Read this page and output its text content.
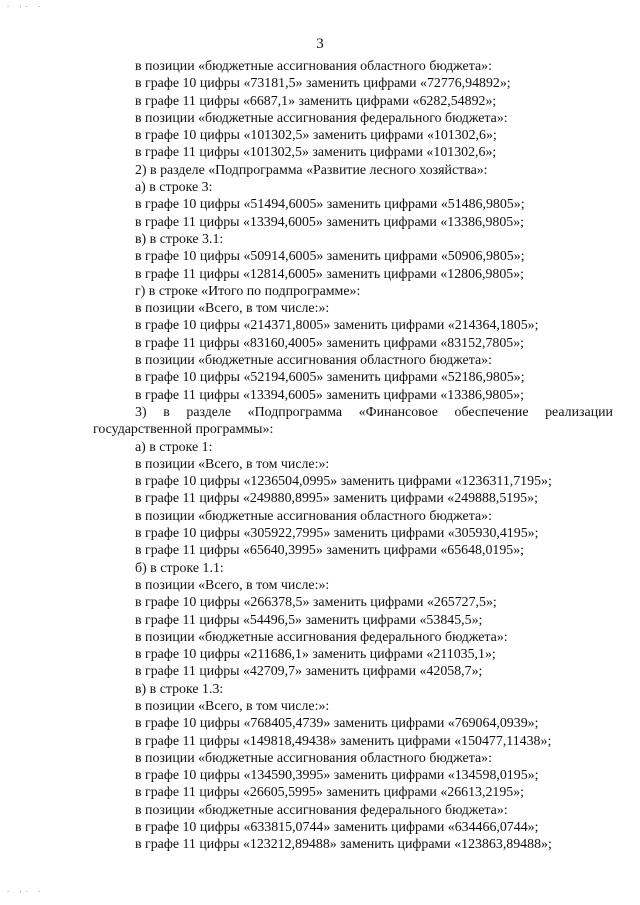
· ·· ·
3
в позиции «бюджетные ассигнования областного бюджета»:
в графе 10 цифры «73181,5» заменить цифрами «72776,94892»;
в графе 11 цифры «6687,1» заменить цифрами «6282,54892»;
в позиции «бюджетные ассигнования федерального бюджета»:
в графе 10 цифры «101302,5» заменить цифрами «101302,6»;
в графе 11 цифры «101302,5» заменить цифрами «101302,6»;
2) в разделе «Подпрограмма «Развитие лесного хозяйства»:
а) в строке 3:
в графе 10 цифры «51494,6005» заменить цифрами «51486,9805»;
в графе 11 цифры «13394,6005» заменить цифрами «13386,9805»;
в) в строке 3.1:
в графе 10 цифры «50914,6005» заменить цифрами «50906,9805»;
в графе 11 цифры «12814,6005» заменить цифрами «12806,9805»;
г) в строке «Итого по подпрограмме»:
в позиции «Всего, в том числе:»:
в графе 10 цифры «214371,8005» заменить цифрами «214364,1805»;
в графе 11 цифры «83160,4005» заменить цифрами «83152,7805»;
в позиции «бюджетные ассигнования областного бюджета»:
в графе 10 цифры «52194,6005» заменить цифрами «52186,9805»;
в графе 11 цифры «13394,6005» заменить цифрами «13386,9805»;
3) в разделе «Подпрограмма «Финансовое обеспечение реализации
государственной программы»:
а) в строке 1:
в позиции «Всего, в том числе:»:
в графе 10 цифры «1236504,0995» заменить цифрами «1236311,7195»;
в графе 11 цифры «249880,8995» заменить цифрами «249888,5195»;
в позиции «бюджетные ассигнования областного бюджета»:
в графе 10 цифры «305922,7995» заменить цифрами «305930,4195»;
в графе 11 цифры «65640,3995» заменить цифрами «65648,0195»;
б) в строке 1.1:
в позиции «Всего, в том числе:»:
в графе 10 цифры «266378,5» заменить цифрами «265727,5»;
в графе 11 цифры «54496,5» заменить цифрами «53845,5»;
в позиции «бюджетные ассигнования федерального бюджета»:
в графе 10 цифры «211686,1» заменить цифрами «211035,1»;
в графе 11 цифры «42709,7» заменить цифрами «42058,7»;
в) в строке 1.3:
в позиции «Всего, в том числе:»:
в графе 10 цифры «768405,4739» заменить цифрами «769064,0939»;
в графе 11 цифры «149818,49438» заменить цифрами «150477,11438»;
в позиции «бюджетные ассигнования областного бюджета»:
в графе 10 цифры «134590,3995» заменить цифрами «134598,0195»;
в графе 11 цифры «26605,5995» заменить цифрами «26613,2195»;
в позиции «бюджетные ассигнования федерального бюджета»:
в графе 10 цифры «633815,0744» заменить цифрами «634466,0744»;
в графе 11 цифры «123212,89488» заменить цифрами «123863,89488»;
· ·· ·
